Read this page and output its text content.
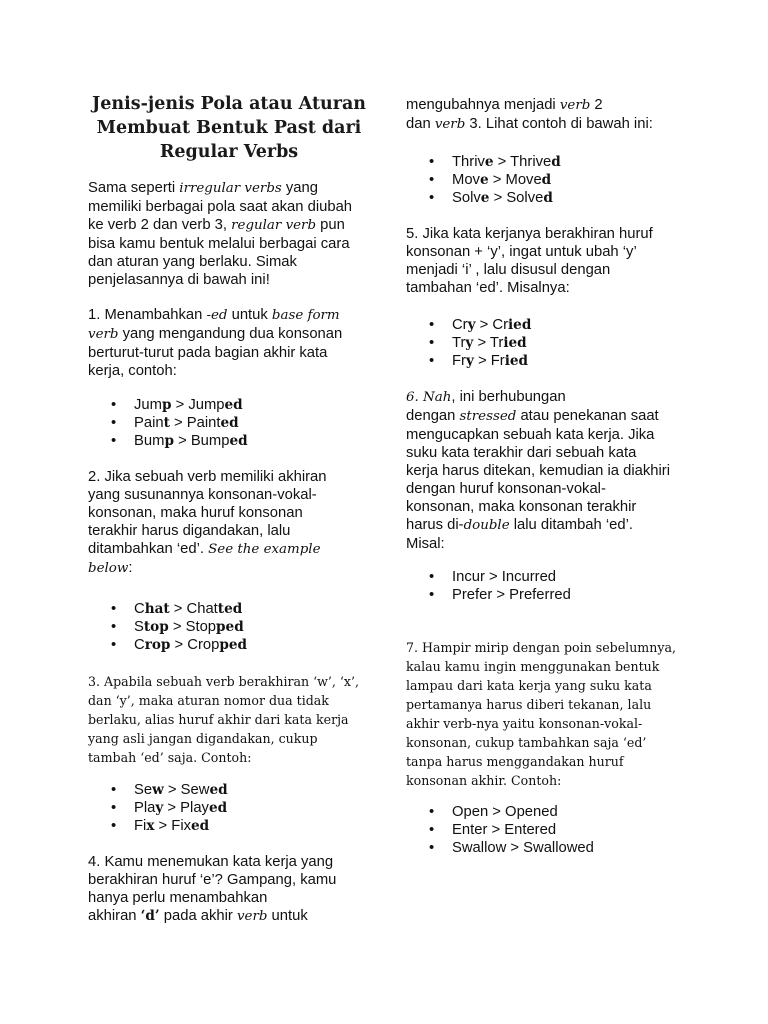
Jenis-jenis Pola atau Aturan
Membuat Bentuk Past dari
Regular Verbs

Sama seperti irregular verbs yang
memiliki berbagai pola saat akan diubah
ke verb 2 dan verb 3, regular verb pun
bisa kamu bentuk melalui berbagai cara
dan aturan yang berlaku. Simak
penjelasannya di bawah ini!

1. Menambahkan -ed untuk base form
verb yang mengandung dua konsonan
berturut-turut pada bagian akhir kata
kerja, contoh:

• Jump > Jumped
• Paint > Painted
• Bump > Bumped

2. Jika sebuah verb memiliki akhiran
yang susunannya konsonan-vokal-
konsonan, maka huruf konsonan
terakhir harus digandakan, lalu
ditambahkan ‘ed’. See the example
below:

• Chat > Chatted
• Stop > Stopped
• Crop > Cropped

3. Apabila sebuah verb berakhiran ‘w’, ‘x’,
dan ‘y’, maka aturan nomor dua tidak
berlaku, alias huruf akhir dari kata kerja
yang asli jangan digandakan, cukup
tambah ‘ed’ saja. Contoh:

• Sew > Sewed
• Play > Played
• Fix > Fixed

4. Kamu menemukan kata kerja yang
berakhiran huruf ‘e’? Gampang, kamu
hanya perlu menambahkan
akhiran ‘d’ pada akhir verb untuk

mengubahnya menjadi verb 2
dan verb 3. Lihat contoh di bawah ini:

• Thrive > Thrived
• Move > Moved
• Solve > Solved

5. Jika kata kerjanya berakhiran huruf
konsonan + ‘y’, ingat untuk ubah ‘y’
menjadi ‘i’ , lalu disusul dengan
tambahan ‘ed’. Misalnya:

• Cry > Cried
• Try > Tried
• Fry > Fried

6. Nah, ini berhubungan
dengan stressed atau penekanan saat
mengucapkan sebuah kata kerja. Jika
suku kata terakhir dari sebuah kata
kerja harus ditekan, kemudian ia diakhiri
dengan huruf konsonan-vokal-
konsonan, maka konsonan terakhir
harus di-double lalu ditambah ‘ed’.
Misal:

• Incur > Incurred
• Prefer > Preferred

7. Hampir mirip dengan poin sebelumnya,
kalau kamu ingin menggunakan bentuk
lampau dari kata kerja yang suku kata
pertamanya harus diberi tekanan, lalu
akhir verb-nya yaitu konsonan-vokal-
konsonan, cukup tambahkan saja ‘ed’
tanpa harus menggandakan huruf
konsonan akhir. Contoh:

• Open > Opened
• Enter > Entered
• Swallow > Swallowed
